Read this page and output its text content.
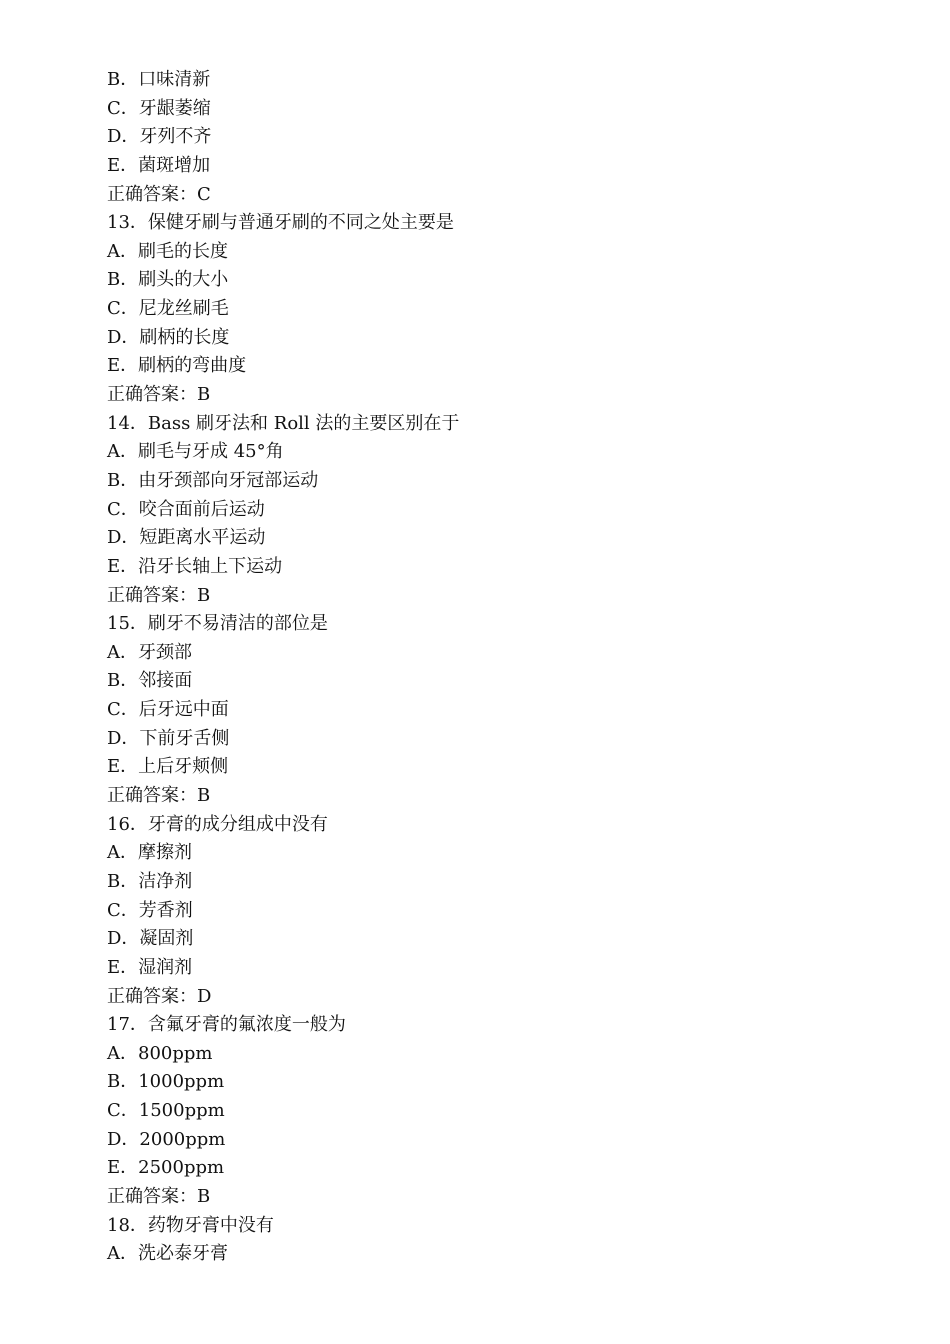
B．口味清新
C．牙龈萎缩
D．牙列不齐
E．菌斑增加
正确答案：C
13．保健牙刷与普通牙刷的不同之处主要是
A．刷毛的长度
B．刷头的大小
C．尼龙丝刷毛
D．刷柄的长度
E．刷柄的弯曲度
正确答案：B
14．Bass 刷牙法和 Roll 法的主要区别在于
A．刷毛与牙成 45°角
B．由牙颈部向牙冠部运动
C．咬合面前后运动
D．短距离水平运动
E．沿牙长轴上下运动
正确答案：B
15．刷牙不易清洁的部位是
A．牙颈部
B．邻接面
C．后牙远中面
D．下前牙舌侧
E．上后牙颊侧
正确答案：B
16．牙膏的成分组成中没有
A．摩擦剂
B．洁净剂
C．芳香剂
D．凝固剂
E．湿润剂
正确答案：D
17．含氟牙膏的氟浓度一般为
A．800ppm
B．1000ppm
C．1500ppm
D．2000ppm
E．2500ppm
正确答案：B
18．药物牙膏中没有
A．洗必泰牙膏
